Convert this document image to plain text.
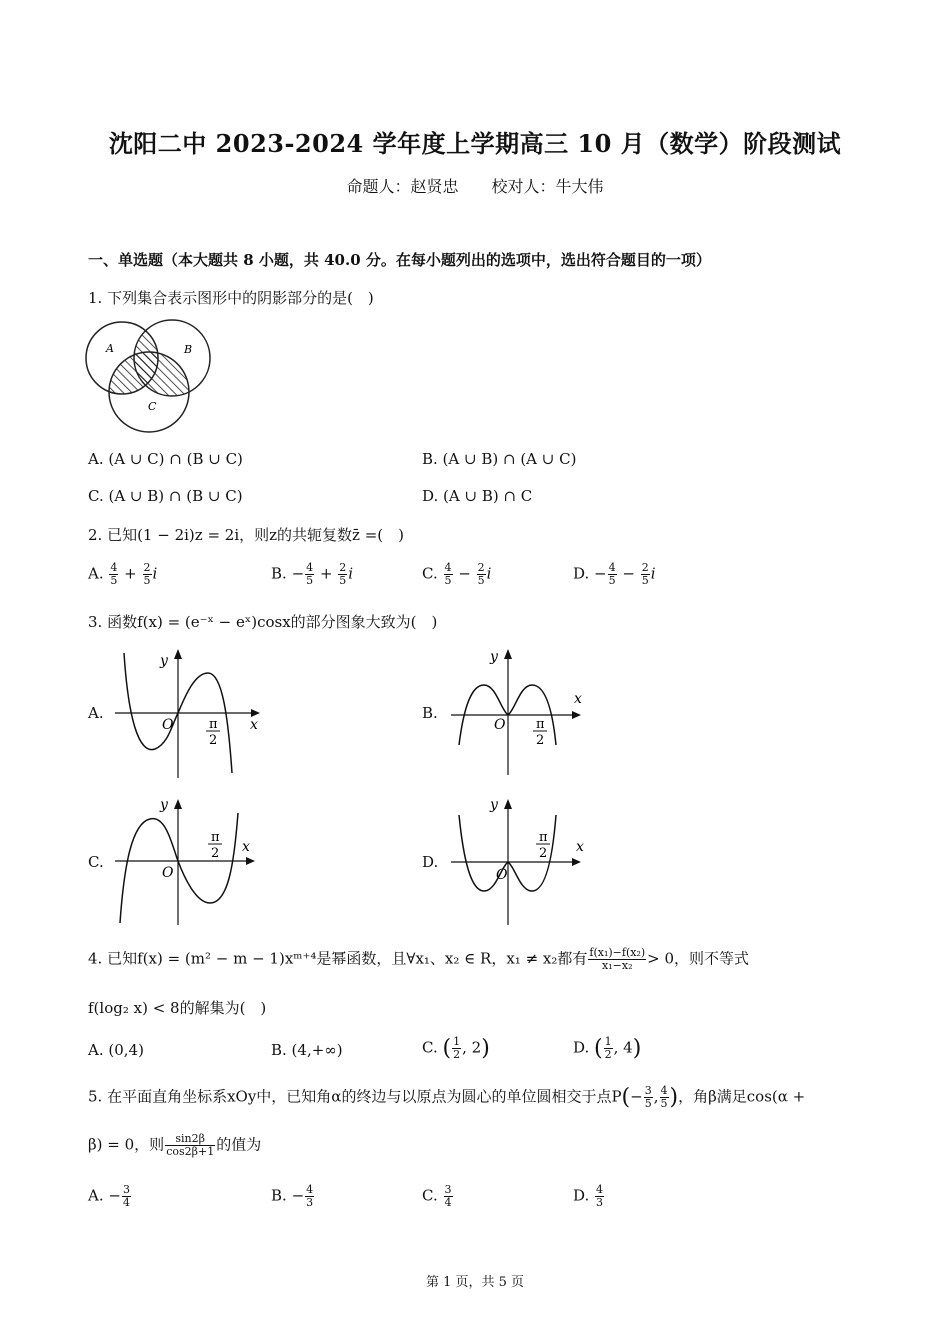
沈阳二中 2023-2024 学年度上学期高三 10 月（数学）阶段测试
命题人：赵贤忠 校对人：牛大伟
一、单选题（本大题共 8 小题，共 40.0 分。在每小题列出的选项中，选出符合题目的一项）
1. 下列集合表示图形中的阴影部分的是(　)
A	B
C
A. (A ∪ C) ∩ (B ∪ C)	B. (A ∪ B) ∩ (A ∪ C)
C. (A ∪ B) ∩ (B ∪ C)	D. (A ∪ B) ∩ C
2. 已知(1 − 2i)z = 2i，则z的共轭复数z̄ =(　)
A. $\frac{4}{5} + \frac{2}{5}$ i	B. − $\frac{4}{5} + \frac{2}{5}$ i	C. $\frac{4}{5} - \frac{2}{5}$ i	D. − $\frac{4}{5} - \frac{2}{5}$ i
3. 函数f(x) = (e⁻ˣ − eˣ)cosx的部分图象大致为(　)
A.	B.
C.	D.
y
x
O	π
2
y
x
O π
2
y
x
O
π
2
y
x
O
π
2
4. 已知f(x) = (m² − m − 1)xᵐ⁺⁴是幂函数，且∀x₁、x₂ ∈ R，x₁ ≠ x₂都有 $\frac{\text{f(x₁)−f(x₂)}}{\text{x₁−x₂}} > 0$，则不等式
f(log₂ x) < 8的解集为(　)
A. (0,4)	B. (4,+∞)	C. ( $\frac{1}{2}$ , 2)	D. ( $\frac{1}{2}$ , 4)
5. 在平面直角坐标系xOy中，已知角α的终边与以原点为圆心的单位圆相交于点$P(- \frac{3}{5}$ , $\frac{4}{5}$ )，角β满足cos(α +
β) = 0，则 $\frac{\sin 2\beta}{\cos 2\beta+1}$ 的值为
A. − $\frac{3}{4}$	B. − $\frac{4}{3}$	C. $\frac{3}{4}$	D. $\frac{4}{3}$
第 1 页，共 5 页
